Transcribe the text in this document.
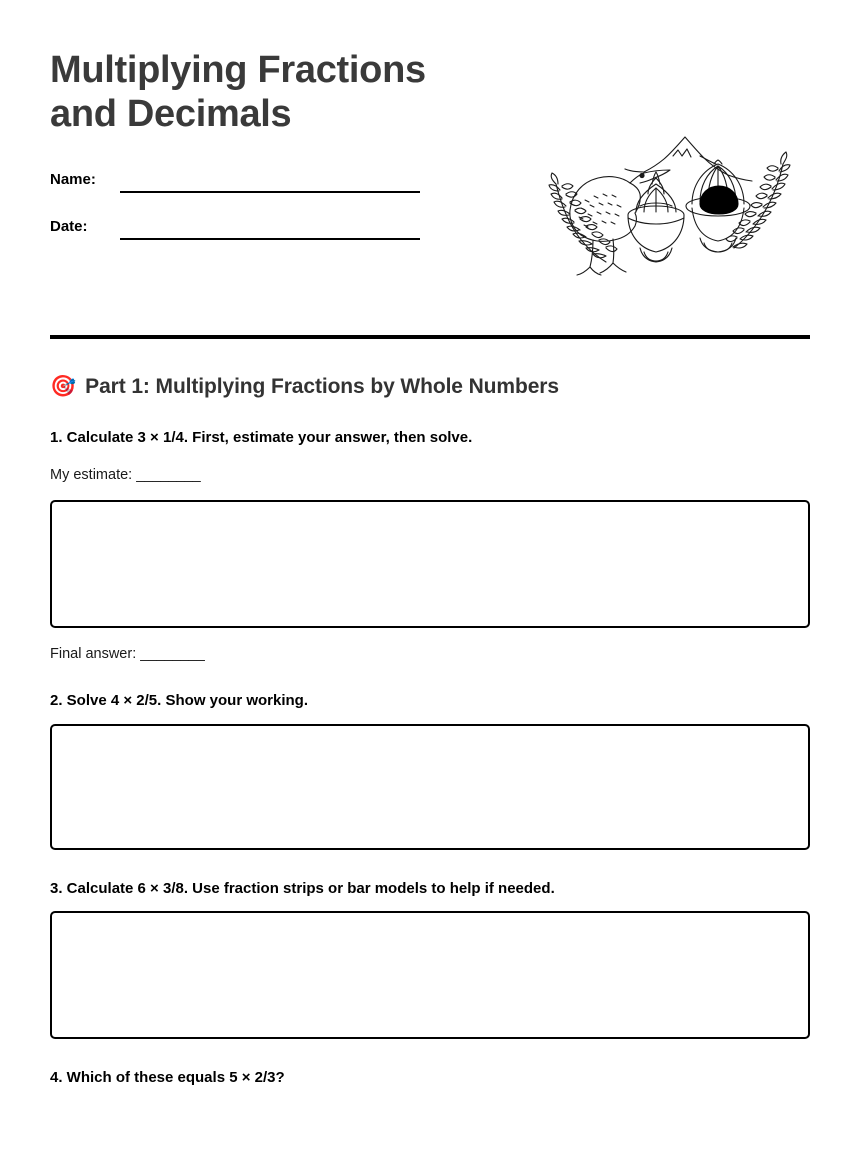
Multiplying Fractions
and Decimals
Name:
Date:
🎯 Part 1: Multiplying Fractions by Whole Numbers
1. Calculate 3 × 1/4. First, estimate your answer, then solve.
My estimate: ________
Final answer: ________
2. Solve 4 × 2/5. Show your working.
3. Calculate 6 × 3/8. Use fraction strips or bar models to help if needed.
4. Which of these equals 5 × 2/3?
